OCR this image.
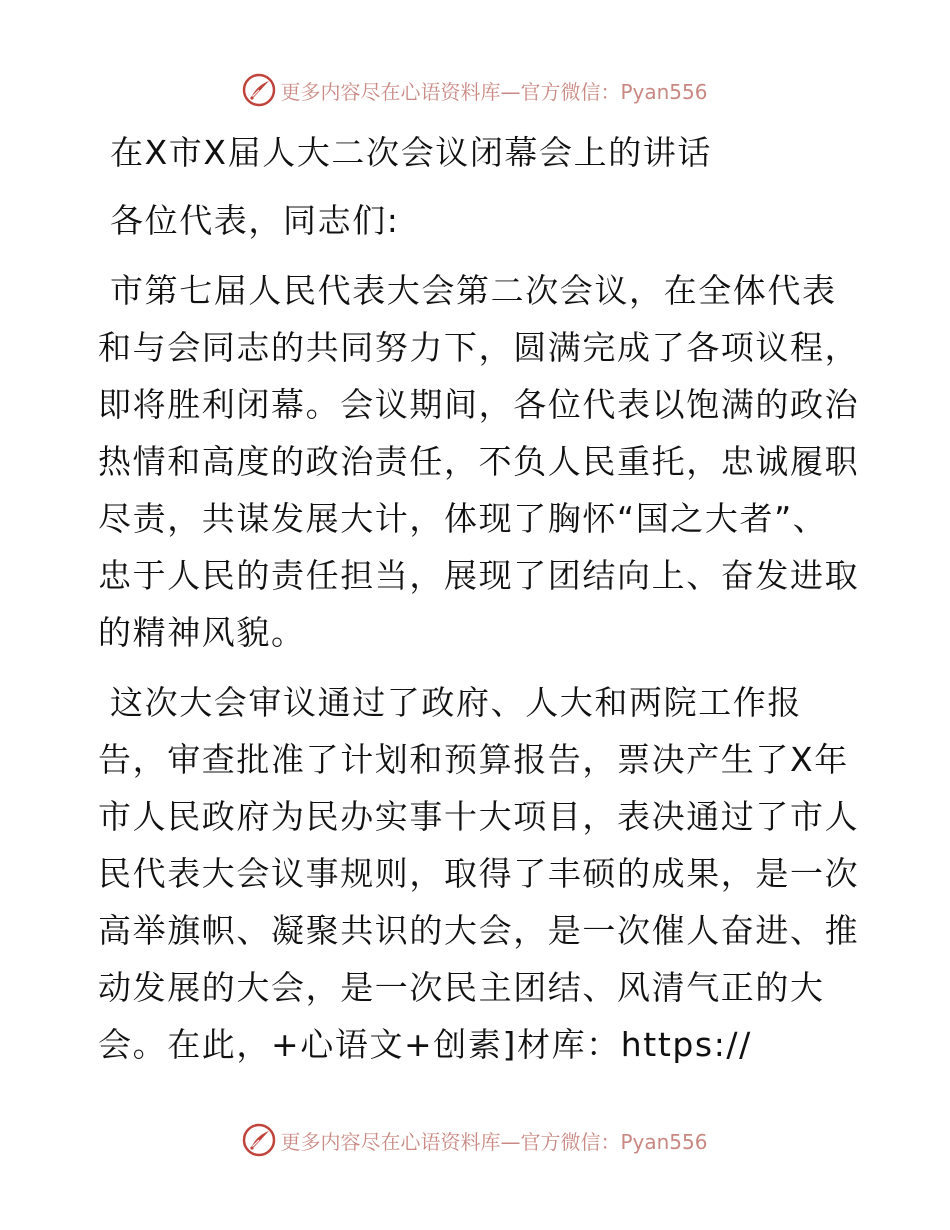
更多内容尽在心语资料库—官方微信：Pyan556
在X市X届人大二次会议闭幕会上的讲话
各位代表，同志们:
市第七届人民代表大会第二次会议，在全体代表
和与会同志的共同努力下，圆满完成了各项议程，
即将胜利闭幕。会议期间，各位代表以饱满的政治
热情和高度的政治责任，不负人民重托，忠诚履职
尽责，共谋发展大计，体现了胸怀“国之大者”、
忠于人民的责任担当，展现了团结向上、奋发进取
的精神风貌。
这次大会审议通过了政府、人大和两院工作报
告，审查批准了计划和预算报告，票决产生了X年
市人民政府为民办实事十大项目，表决通过了市人
民代表大会议事规则，取得了丰硕的成果，是一次
高举旗帜、凝聚共识的大会，是一次催人奋进、推
动发展的大会，是一次民主团结、风清气正的大
会。在此，+心语文+创素]材库：https://
更多内容尽在心语资料库—官方微信：Pyan556
